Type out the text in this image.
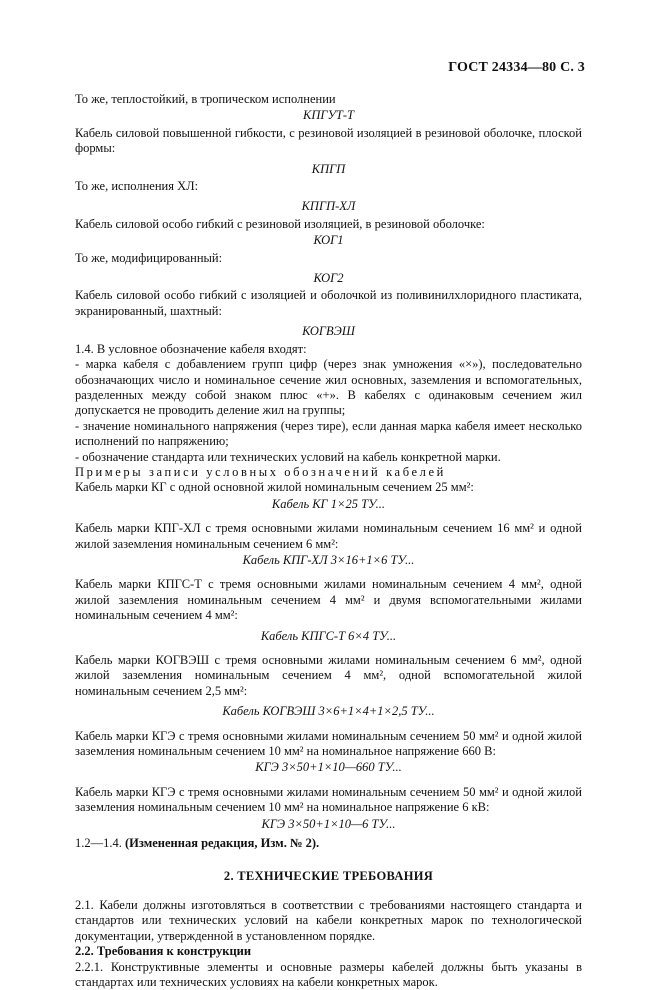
ГОСТ 24334—80 С. 3

То же, теплостойкий, в тропическом исполнении

КПГУТ-Т

Кабель силовой повышенной гибкости, с резиновой изоляцией в резиновой оболочке, плоской формы:

КПГП

То же, исполнения ХЛ:

КПГП-ХЛ

Кабель силовой особо гибкий с резиновой изоляцией, в резиновой оболочке:

КОГ1

То же, модифицированный:

КОГ2

Кабель силовой особо гибкий с изоляцией и оболочкой из поливинилхлоридного пластиката, экранированный, шахтный:

КОГВЭШ

1.4. В условное обозначение кабеля входят:

- марка кабеля с добавлением групп цифр (через знак умножения «×»), последовательно обозначающих число и номинальное сечение жил основных, заземления и вспомогательных, разделенных между собой знаком плюс «+». В кабелях с одинаковым сечением жил допускается не проводить деление жил на группы;

- значение номинального напряжения (через тире), если данная марка кабеля имеет несколько исполнений по напряжению;

- обозначение стандарта или технических условий на кабель конкретной марки.

Примеры записи условных обозначений кабелей

Кабель марки КГ с одной основной жилой номинальным сечением 25 мм²:

Кабель КГ 1×25 ТУ...

Кабель марки КПГ-ХЛ с тремя основными жилами номинальным сечением 16 мм² и одной жилой заземления номинальным сечением 6 мм²:

Кабель КПГ-ХЛ 3×16+1×6 ТУ...

Кабель марки КПГС-Т с тремя основными жилами номинальным сечением 4 мм², одной жилой заземления номинальным сечением 4 мм² и двумя вспомогательными жилами номинальным сечением 4 мм²:

Кабель КПГС-Т 6×4 ТУ...

Кабель марки КОГВЭШ с тремя основными жилами номинальным сечением 6 мм², одной жилой заземления номинальным сечением 4 мм², одной вспомогательной жилой номинальным сечением 2,5 мм²:

Кабель КОГВЭШ 3×6+1×4+1×2,5 ТУ...

Кабель марки КГЭ с тремя основными жилами номинальным сечением 50 мм² и одной жилой заземления номинальным сечением 10 мм² на номинальное напряжение 660 В:

КГЭ 3×50+1×10—660 ТУ...

Кабель марки КГЭ с тремя основными жилами номинальным сечением 50 мм² и одной жилой заземления номинальным сечением 10 мм² на номинальное напряжение 6 кВ:

КГЭ 3×50+1×10—6 ТУ...

1.2—1.4. (Измененная редакция, Изм. № 2).

2. ТЕХНИЧЕСКИЕ ТРЕБОВАНИЯ

2.1. Кабели должны изготовляться в соответствии с требованиями настоящего стандарта и стандартов или технических условий на кабели конкретных марок по технологической документации, утвержденной в установленном порядке.

2.2. Требования к конструкции

2.2.1. Конструктивные элементы и основные размеры кабелей должны быть указаны в стандартах или технических условиях на кабели конкретных марок.
